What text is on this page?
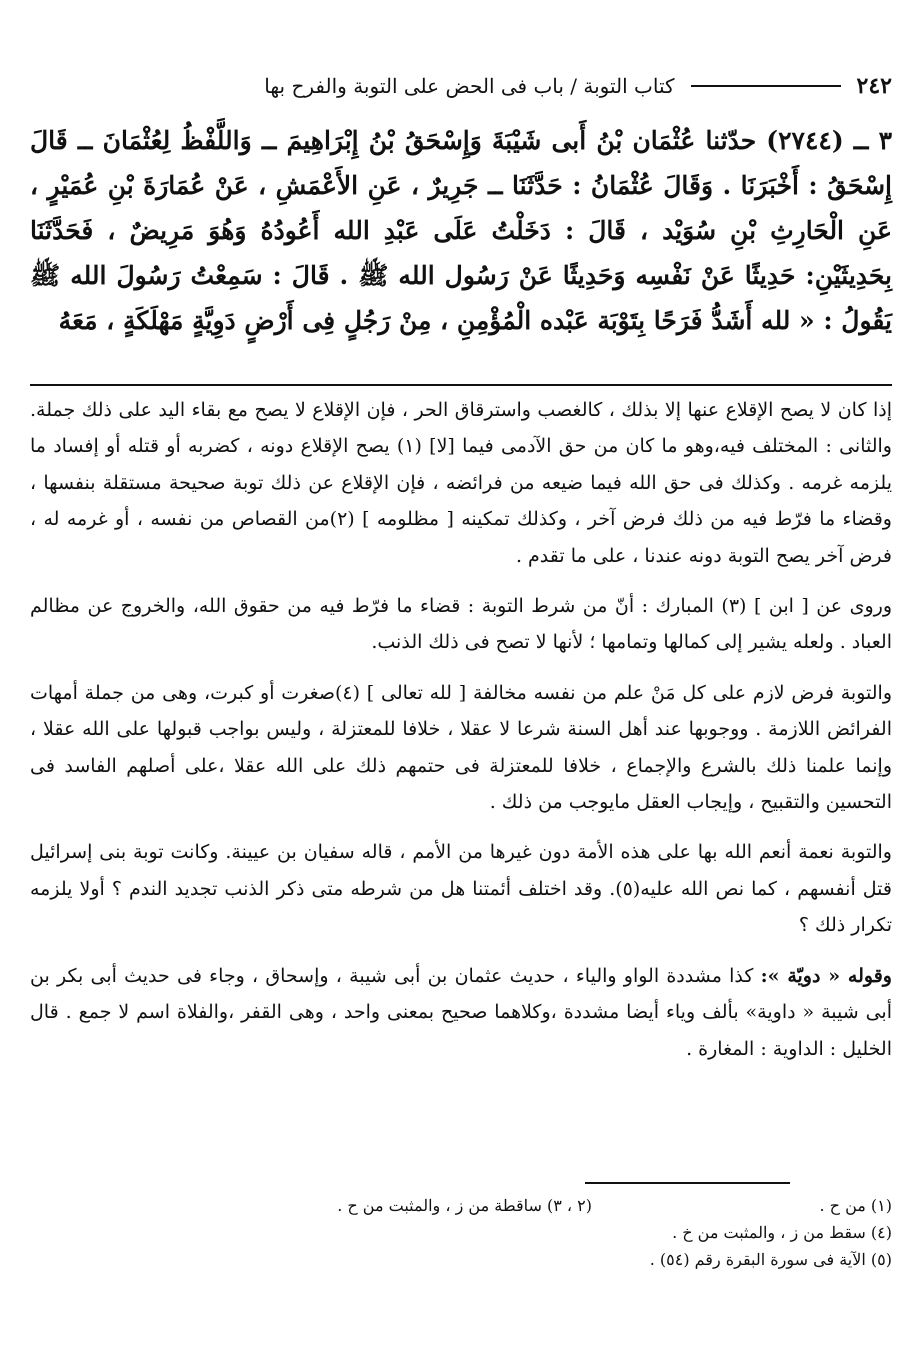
٢٤٢
كتاب التوبة / باب فى الحض على التوبة والفرح بها
٣ ــ (٢٧٤٤) حدّثنا عُثْمَان بْنُ أَبى شَيْبَةَ وَإِسْحَقُ بْنُ إِبْرَاهِيمَ ــ وَاللَّفْظُ لِعُثْمَانَ ــ قَالَ إِسْحَقُ : أَخْبَرَنَا . وَقَالَ عُثْمَانُ : حَدَّثَنَا ــ جَرِيرٌ ، عَنِ الأَعْمَشِ ، عَنْ عُمَارَةَ بْنِ عُمَيْرٍ ، عَنِ الْحَارِثِ بْنِ سُوَيْد ، قَالَ : دَخَلْتُ عَلَى عَبْدِ الله أَعُودُهُ وَهُوَ مَرِيضٌ ، فَحَدَّثَنَا بِحَدِيثَيْنِ: حَدِيثًا عَنْ نَفْسِه وَحَدِيثًا عَنْ رَسُول الله ﷺ . قَالَ : سَمِعْتُ رَسُولَ الله ﷺ يَقُولُ : « لله أَشَدُّ فَرَحًا بِتَوْبَة عَبْده الْمُؤْمِنِ ، مِنْ رَجُلٍ فِى أَرْضٍ دَوِيَّةٍ مَهْلَكَةٍ ، مَعَهُ

إذا كان لا يصح الإقلاع عنها إلا بذلك ، كالغصب واسترقاق الحر ، فإن الإقلاع لا يصح مع بقاء اليد على ذلك جملة. والثانى : المختلف فيه،وهو ما كان من حق الآدمى فيما [لا] (١) يصح الإقلاع دونه ، كضربه أو قتله أو إفساد ما يلزمه غرمه . وكذلك فى حق الله فيما ضيعه من فرائضه ، فإن الإقلاع عن ذلك توبة صحيحة مستقلة بنفسها ، وقضاء ما فرّط فيه من ذلك فرض آخر ، وكذلك تمكينه [ مظلومه ] (٢)من القصاص من نفسه ، أو غرمه له ، فرض آخر يصح التوبة دونه عندنا ، على ما تقدم .

وروى عن [ ابن ] (٣) المبارك : أنّ من شرط التوبة : قضاء ما فرّط فيه من حقوق الله، والخروج عن مظالم العباد . ولعله يشير إلى كمالها وتمامها ؛ لأنها لا تصح فى ذلك الذنب.

والتوبة فرض لازم على كل مَنْ علم من نفسه مخالفة [ لله تعالى ] (٤)صغرت أو كبرت، وهى من جملة أمهات الفرائض اللازمة . ووجوبها عند أهل السنة شرعا لا عقلا ، خلافا للمعتزلة ، وليس بواجب قبولها على الله عقلا ، وإنما علمنا ذلك بالشرع والإجماع ، خلافا للمعتزلة فى حتمهم ذلك على الله عقلا ،على أصلهم الفاسد فى التحسين والتقبيح ، وإيجاب العقل مايوجب من ذلك .

والتوبة نعمة أنعم الله بها على هذه الأمة دون غيرها من الأمم ، قاله سفيان بن عيينة. وكانت توبة بنى إسرائيل قتل أنفسهم ، كما نص الله عليه(٥). وقد اختلف أئمتنا هل من شرطه متى ذكر الذنب تجديد الندم ؟ أولا يلزمه تكرار ذلك ؟

وقوله « دويّة »: كذا مشددة الواو والياء ، حديث عثمان بن أبى شيبة ، وإسحاق ، وجاء فى حديث أبى بكر بن أبى شيبة « داوية» بألف وياء أيضا مشددة ،وكلاهما صحيح بمعنى واحد ، وهى القفر ،والفلاة اسم لا جمع . قال الخليل : الداوية : المغارة .

(١) من ح .
(٢ ، ٣) ساقطة من ز ، والمثبت من ح .
(٤) سقط من ز ، والمثبت من خ .
(٥) الآية فى سورة البقرة رقم (٥٤) .
